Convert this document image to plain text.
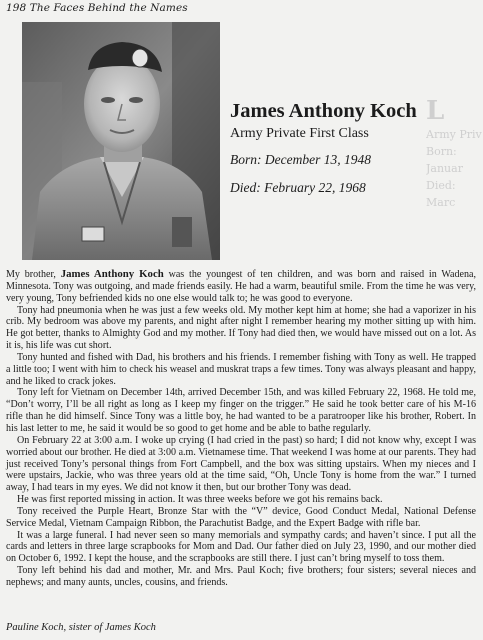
198 The Faces Behind the Names
L
Army Priv
Born: Januar
Died: Marc
James Anthony Koch
Army Private First Class
Born: December 13, 1948
Died: February 22, 1968

My brother, James Anthony Koch was the youngest of ten children, and was born and raised in Wadena, Minnesota. Tony was outgoing, and made friends easily. He had a warm, beautiful smile. From the time he was very, very young, Tony befriended kids no one else would talk to; he was good to everyone.

Tony had pneumonia when he was just a few weeks old. My mother kept him at home; she had a vaporizer in his crib. My bedroom was above my parents, and night after night I remember hearing my mother sitting up with him. He got better, thanks to Almighty God and my mother. If Tony had died then, we would have missed out on a lot. As it is, his life was cut short.

Tony hunted and fished with Dad, his brothers and his friends. I remember fishing with Tony as well. He trapped a little too; I went with him to check his weasel and muskrat traps a few times. Tony was always pleasant and happy, and he liked to crack jokes.

Tony left for Vietnam on December 14th, arrived December 15th, and was killed February 22, 1968. He told me, “Don’t worry, I’ll be all right as long as I keep my finger on the trigger.” He said he took better care of his M-16 rifle than he did himself. Since Tony was a little boy, he had wanted to be a paratrooper like his brother, Robert. In his last letter to me, he said it would be so good to get home and be able to bathe regularly.

On February 22 at 3:00 a.m. I woke up crying (I had cried in the past) so hard; I did not know why, except I was worried about our brother. He died at 3:00 a.m. Vietnamese time. That weekend I was home at our parents. They had just received Tony’s personal things from Fort Campbell, and the box was sitting upstairs. When my nieces and I were upstairs, Jackie, who was three years old at the time said, “Oh, Uncle Tony is home from the war.” I turned away, I had tears in my eyes. We did not know it then, but our brother Tony was dead.

He was first reported missing in action. It was three weeks before we got his remains back.

Tony received the Purple Heart, Bronze Star with the “V” device, Good Conduct Medal, National Defense Service Medal, Vietnam Campaign Ribbon, the Parachutist Badge, and the Expert Badge with rifle bar.

It was a large funeral. I had never seen so many memorials and sympathy cards; and haven’t since. I put all the cards and letters in three large scrapbooks for Mom and Dad. Our father died on July 23, 1990, and our mother died on October 6, 1992. I kept the house, and the scrapbooks are still there. I just can’t bring myself to toss them.

Tony left behind his dad and mother, Mr. and Mrs. Paul Koch; five brothers; four sisters; several nieces and nephews; and many aunts, uncles, cousins, and friends.

Pauline Koch, sister of James Koch
